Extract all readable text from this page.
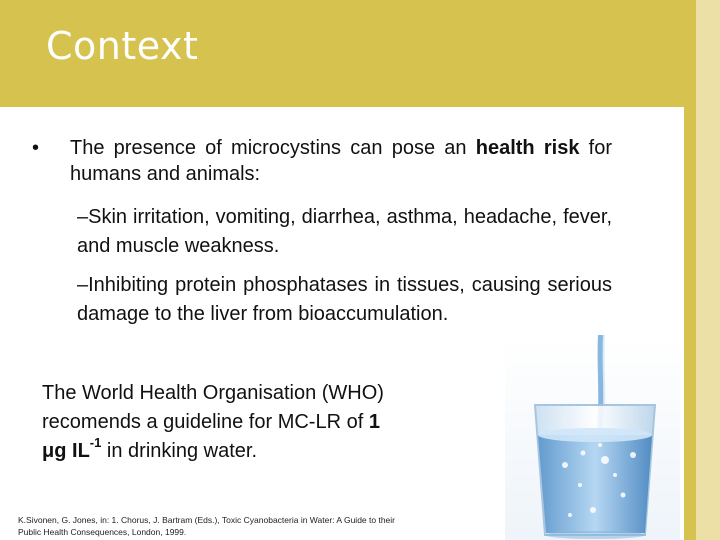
Context
•	The presence of microcystins can pose an health risk for humans and animals:
–Skin irritation, vomiting, diarrhea, asthma, headache, fever, and muscle weakness.
–Inhibiting protein phosphatases in tissues, causing serious damage to the liver from bioaccumulation.
The World Health Organisation (WHO) recomends a guideline for MC-LR of 1
μg $IL^{-1}$ in drinking water.
K.Sivonen, G. Jones, in: 1. Chorus, J. Bartram (Eds.), Toxic Cyanobacteria in Water: A Guide to their
Public Health Consequences, London, 1999.
